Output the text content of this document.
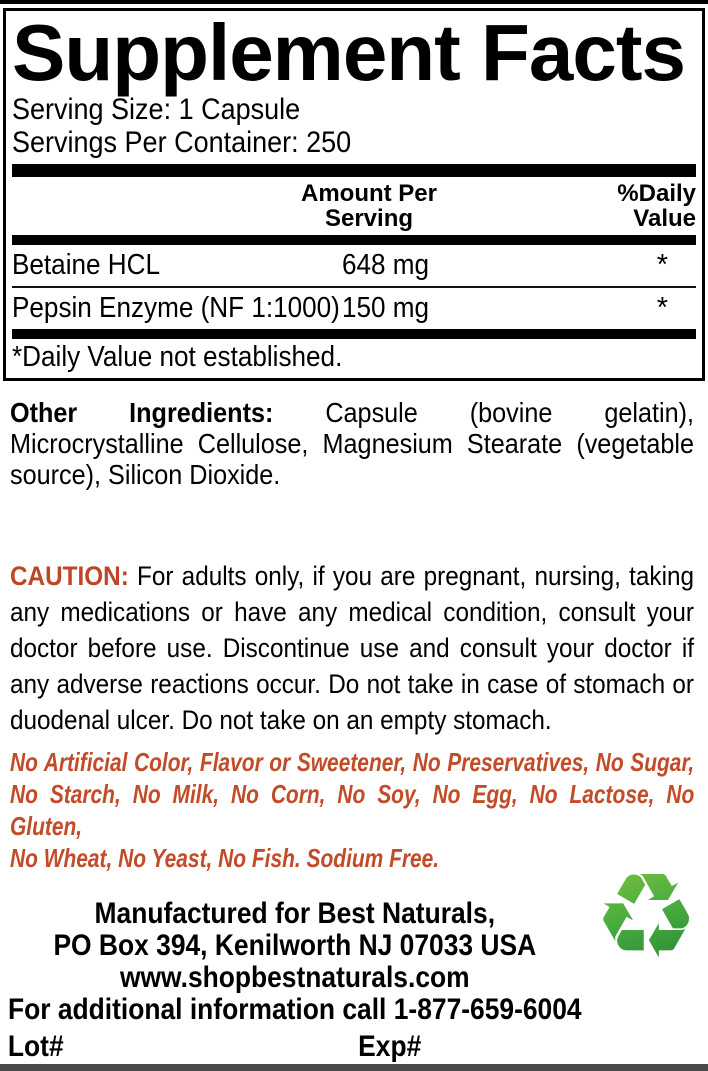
Supplement Facts
Serving Size: 1 Capsule
Servings Per Container: 250
Amount Per
Serving
%Daily
Value
Betaine HCL	648 mg	*
Pepsin Enzyme (NF 1:1000) 150 mg	*
*Daily Value not established.
Other Ingredients: Capsule (bovine gelatin),
Microcrystalline Cellulose, Magnesium Stearate (vegetable
source), Silicon Dioxide.
CAUTION: For adults only, if you are pregnant, nursing, taking
any medications or have any medical condition, consult your
doctor before use. Discontinue use and consult your doctor if
any adverse reactions occur. Do not take in case of stomach or
duodenal ulcer. Do not take on an empty stomach.
No Artificial Color, Flavor or Sweetener, No Preservatives, No Sugar,
No Starch, No Milk, No Corn, No Soy, No Egg, No Lactose, No Gluten,
No Wheat, No Yeast, No Fish. Sodium Free.
Manufactured for Best Naturals,
PO Box 394, Kenilworth NJ 07033 USA
www.shopbestnaturals.com
For additional information call 1-877-659-6004
Lot#	Exp#
♻
